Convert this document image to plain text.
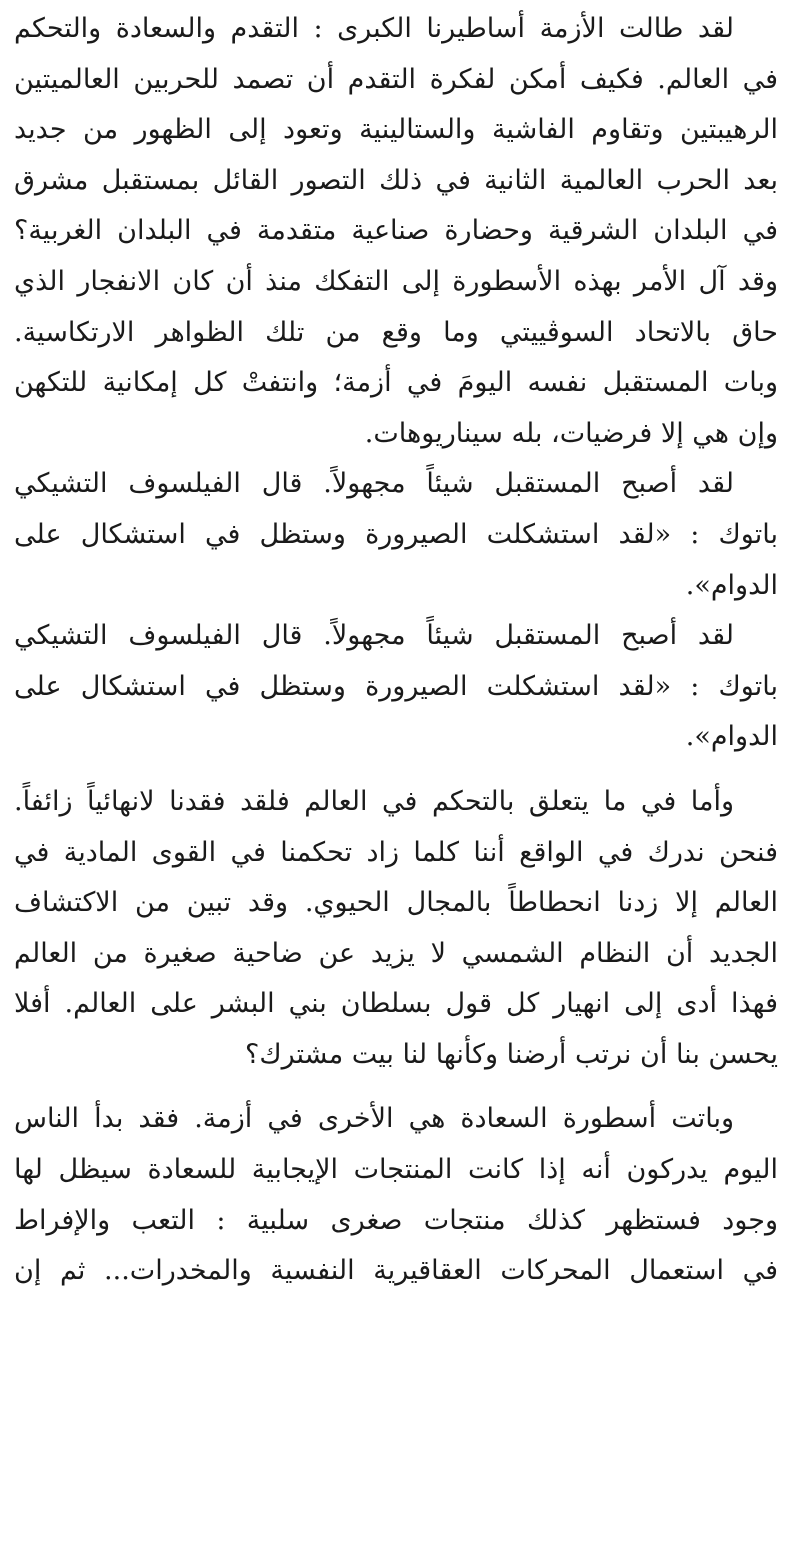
لقد طالت الأزمة أساطيرنا الكبرى : التقدم والسعادة والتحكم
في العالم. فكيف أمكن لفكرة التقدم أن تصمد للحربين العالميتين
الرهيبتين وتقاوم الفاشية والستالينية وتعود إلى الظهور من جديد
بعد الحرب العالمية الثانية في ذلك التصور القائل بمستقبل مشرق
في البلدان الشرقية وحضارة صناعية متقدمة في البلدان الغربية؟
وقد آل الأمر بهذه الأسطورة إلى التفكك منذ أن كان الانفجار الذي
حاق بالاتحاد السوڤييتي وما وقع من تلك الظواهر الارتكاسية.
وبات المستقبل نفسه اليومَ في أزمة؛ وانتفتْ كل إمكانية للتكهن
وإن هي إلا فرضيات، بله سيناريوهات.
لقد أصبح المستقبل شيئاً مجهولاً. قال الفيلسوف التشيكي
باتوك : «لقد استشكلت الصيرورة وستظل في استشكال على
الدوام».
لقد أصبح المستقبل شيئاً مجهولاً. قال الفيلسوف التشيكي
باتوك : «لقد استشكلت الصيرورة وستظل في استشكال على
الدوام».
وأما في ما يتعلق بالتحكم في العالم فلقد فقدنا لانهائياً زائفاً.
فنحن ندرك في الواقع أننا كلما زاد تحكمنا في القوى المادية في
العالم إلا زدنا انحطاطاً بالمجال الحيوي. وقد تبين من الاكتشاف
الجديد أن النظام الشمسي لا يزيد عن ضاحية صغيرة من العالم
فهذا أدى إلى انهيار كل قول بسلطان بني البشر على العالم. أفلا
يحسن بنا أن نرتب أرضنا وكأنها لنا بيت مشترك؟
وباتت أسطورة السعادة هي الأخرى في أزمة. فقد بدأ الناس
اليوم يدركون أنه إذا كانت المنتجات الإيجابية للسعادة سيظل لها
وجود فستظهر كذلك منتجات صغرى سلبية : التعب والإفراط
في استعمال المحركات العقاقيرية النفسية والمخدرات... ثم إن
